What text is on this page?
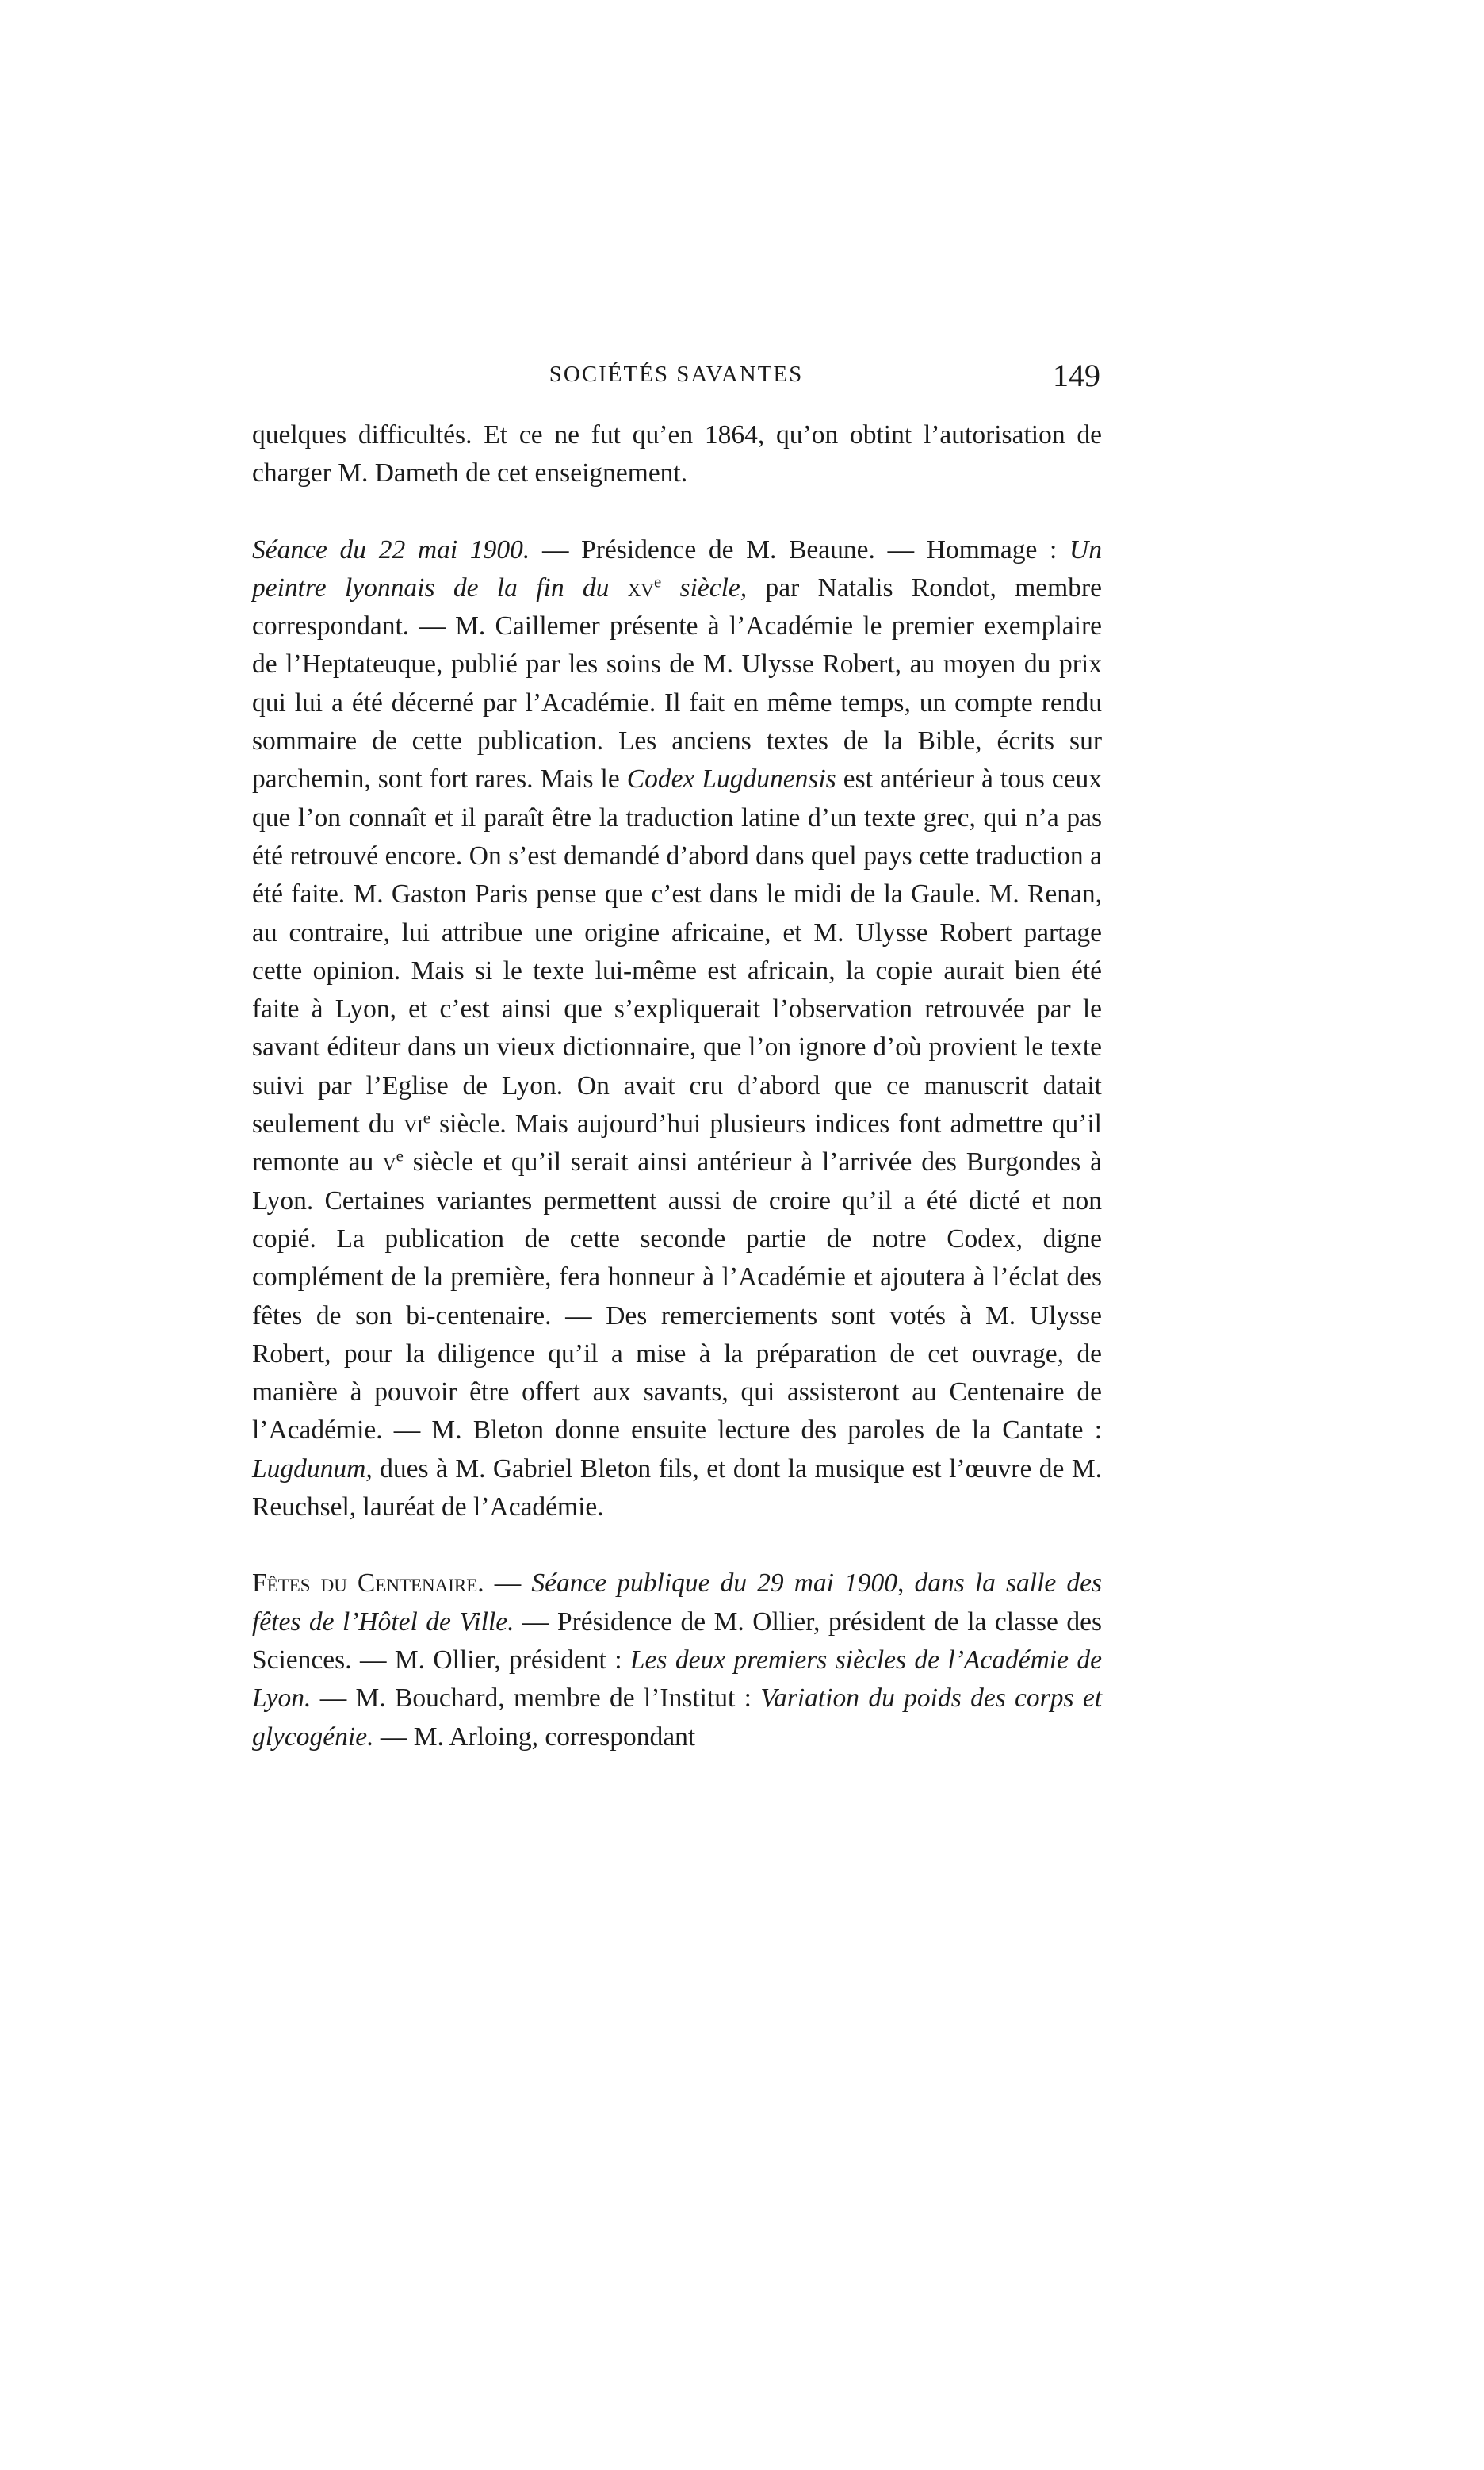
SOCIÉTÉS SAVANTES	149

quelques difficultés. Et ce ne fut qu’en 1864, qu’on obtint l’autorisation de charger M. Dameth de cet enseignement.

Séance du 22 mai 1900. — Présidence de M. Beaune. — Hommage : Un peintre lyonnais de la fin du $xv^e$ siècle, par Natalis Rondot, membre correspondant. — M. Caillemer présente à l’Académie le premier exemplaire de l’Heptateuque, publié par les soins de M. Ulysse Robert, au moyen du prix qui lui a été décerné par l’Académie. Il fait en même temps, un compte rendu sommaire de cette publication. Les anciens textes de la Bible, écrits sur parchemin, sont fort rares. Mais le Codex Lugdunensis est antérieur à tous ceux que l’on connaît et il paraît être la traduction latine d’un texte grec, qui n’a pas été retrouvé encore. On s’est demandé d’abord dans quel pays cette traduction a été faite. M. Gaston Paris pense que c’est dans le midi de la Gaule. M. Renan, au contraire, lui attribue une origine africaine, et M. Ulysse Robert partage cette opinion. Mais si le texte lui-même est africain, la copie aurait bien été faite à Lyon, et c’est ainsi que s’expliquerait l’observation retrouvée par le savant éditeur dans un vieux dictionnaire, que l’on ignore d’où provient le texte suivi par l’Eglise de Lyon. On avait cru d’abord que ce manuscrit datait seulement du $vi^e$ siècle. Mais aujourd’hui plusieurs indices font admettre qu’il remonte au $v^e$ siècle et qu’il serait ainsi antérieur à l’arrivée des Burgondes à Lyon. Certaines variantes permettent aussi de croire qu’il a été dicté et non copié. La publication de cette seconde partie de notre Codex, digne complément de la première, fera honneur à l’Académie et ajoutera à l’éclat des fêtes de son bi-centenaire. — Des remerciements sont votés à M. Ulysse Robert, pour la diligence qu’il a mise à la préparation de cet ouvrage, de manière à pouvoir être offert aux savants, qui assisteront au Centenaire de l’Académie. — M. Bleton donne ensuite lecture des paroles de la Cantate : Lugdunum, dues à M. Gabriel Bleton fils, et dont la musique est l’œuvre de M. Reuchsel, lauréat de l’Académie.

Fêtes du Centenaire. — Séance publique du 29 mai 1900, dans la salle des fêtes de l’Hôtel de Ville. — Présidence de M. Ollier, président de la classe des Sciences. — M. Ollier, président : Les deux premiers siècles de l’Académie de Lyon. — M. Bouchard, membre de l’Institut : Variation du poids des corps et glycogénie. — M. Arloing, correspondant
